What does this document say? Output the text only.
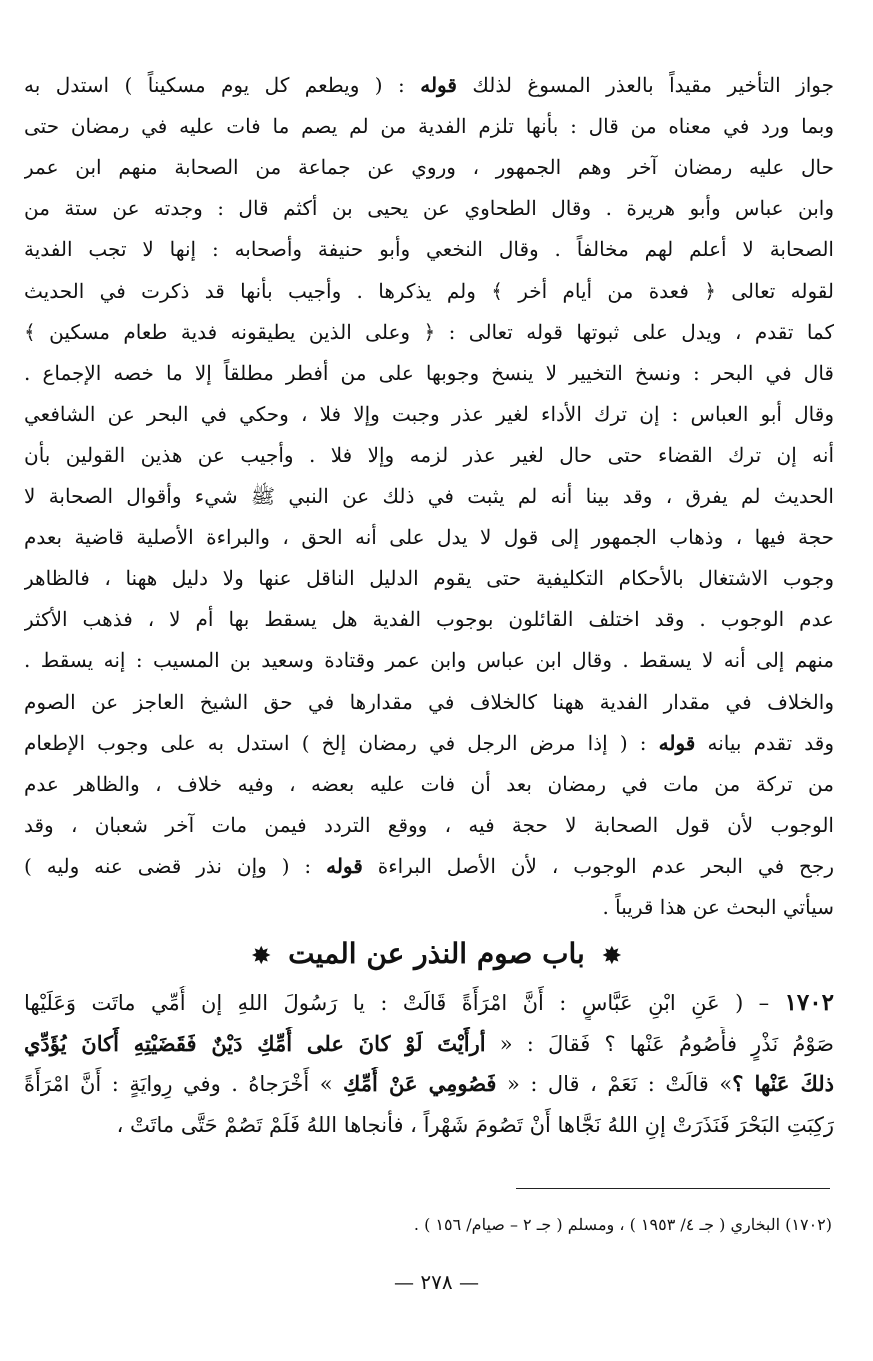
جواز التأخير مقيداً بالعذر المسوغ لذلك قوله : ( ويطعم كل يوم مسكيناً ) استدل به
وبما ورد في معناه من قال : بأنها تلزم الفدية من لم يصم ما فات عليه في رمضان حتى
حال عليه رمضان آخر وهم الجمهور ، وروي عن جماعة من الصحابة منهم ابن عمر
وابن عباس وأبو هريرة . وقال الطحاوي عن يحيى بن أكثم قال : وجدته عن ستة من
الصحابة لا أعلم لهم مخالفاً . وقال النخعي وأبو حنيفة وأصحابه : إنها لا تجب الفدية
لقوله تعالى ﴿ فعدة من أيام أخر ﴾ ولم يذكرها . وأجيب بأنها قد ذكرت في الحديث
كما تقدم ، ويدل على ثبوتها قوله تعالى : ﴿ وعلى الذين يطيقونه فدية طعام مسكين ﴾
قال في البحر : ونسخ التخيير لا ينسخ وجوبها على من أفطر مطلقاً إلا ما خصه الإجماع .
وقال أبو العباس : إن ترك الأداء لغير عذر وجبت وإلا فلا ، وحكي في البحر عن الشافعي
أنه إن ترك القضاء حتى حال لغير عذر لزمه وإلا فلا . وأجيب عن هذين القولين بأن
الحديث لم يفرق ، وقد بينا أنه لم يثبت في ذلك عن النبي ﷺ شيء وأقوال الصحابة لا
حجة فيها ، وذهاب الجمهور إلى قول لا يدل على أنه الحق ، والبراءة الأصلية قاضية بعدم
وجوب الاشتغال بالأحكام التكليفية حتى يقوم الدليل الناقل عنها ولا دليل ههنا ، فالظاهر
عدم الوجوب . وقد اختلف القائلون بوجوب الفدية هل يسقط بها أم لا ، فذهب الأكثر
منهم إلى أنه لا يسقط . وقال ابن عباس وابن عمر وقتادة وسعيد بن المسيب : إنه يسقط .
والخلاف في مقدار الفدية ههنا كالخلاف في مقدارها في حق الشيخ العاجز عن الصوم
وقد تقدم بيانه قوله : ( إذا مرض الرجل في رمضان إلخ ) استدل به على وجوب الإطعام
من تركة من مات في رمضان بعد أن فات عليه بعضه ، وفيه خلاف ، والظاهر عدم
الوجوب لأن قول الصحابة لا حجة فيه ، ووقع التردد فيمن مات آخر شعبان ، وقد
رجح في البحر عدم الوجوب ، لأن الأصل البراءة قوله : ( وإن نذر قضى عنه وليه )
سيأتي البحث عن هذا قريباً .
✸ باب صوم النذر عن الميت ✸
١٧٠٢ – ( عَنِ ابْنِ عَبَّاسٍ : أَنَّ امْرَأَةً قَالَتْ : يا رَسُولَ اللهِ إن أُمِّي ماتَت وَعَلَيْها
صَوْمُ نَذْرٍ فأَصُومُ عَنْها ؟ فَقالَ : « أرأَيْتَ لَوْ كانَ على أُمِّكِ دَيْنٌ فَقَضَيْتِهِ أَكانَ يُؤَدِّي
ذلكَ عَنْها ؟» قالَتْ : نَعَمْ ، قال : « فَصُومِي عَنْ أُمِّكِ » أَخْرَجاهُ . وفي رِوايَةٍ : أَنَّ امْرَأَةً
رَكِبَتِ البَحْرَ فَنَذَرَتْ إنِ اللهُ نَجَّاها أَنْ تَصُومَ شَهْراً ، فأنجاها اللهُ فَلَمْ تَصُمْ حَتَّى ماتَتْ ،
(١٧٠٢) البخاري ( جـ ٤/ ١٩٥٣ ) ، ومسلم ( جـ ٢ – صيام/ ١٥٦ ) .
— ٢٧٨ —
